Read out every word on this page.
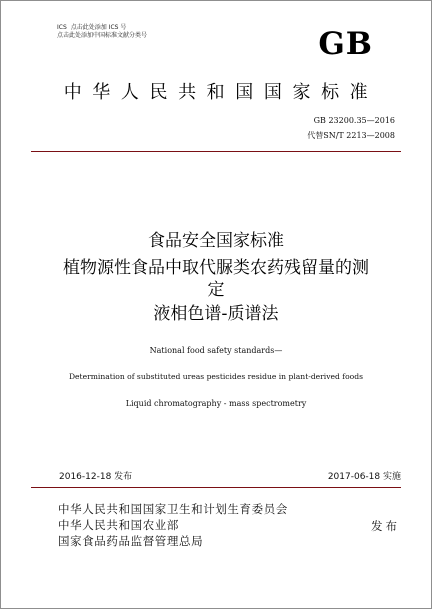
ICS 点击此处添加 ICS 号
点击此处添加中国标准文献分类号	GB
中华人民共和国国家标准
GB 23200.35—2016
代替SN/T 2213—2008
食品安全国家标准
植物源性食品中取代脲类农药残留量的测
定
液相色谱-质谱法
National food safety standards—
Determination of substituted ureas pesticides residue in plant-derived foods
Liquid chromatography - mass spectrometry
2016-12-18 发布	2017-06-18 实施
中华人民共和国国家卫生和计划生育委员会
中华人民共和国农业部
国家食品药品监督管理总局
发布
